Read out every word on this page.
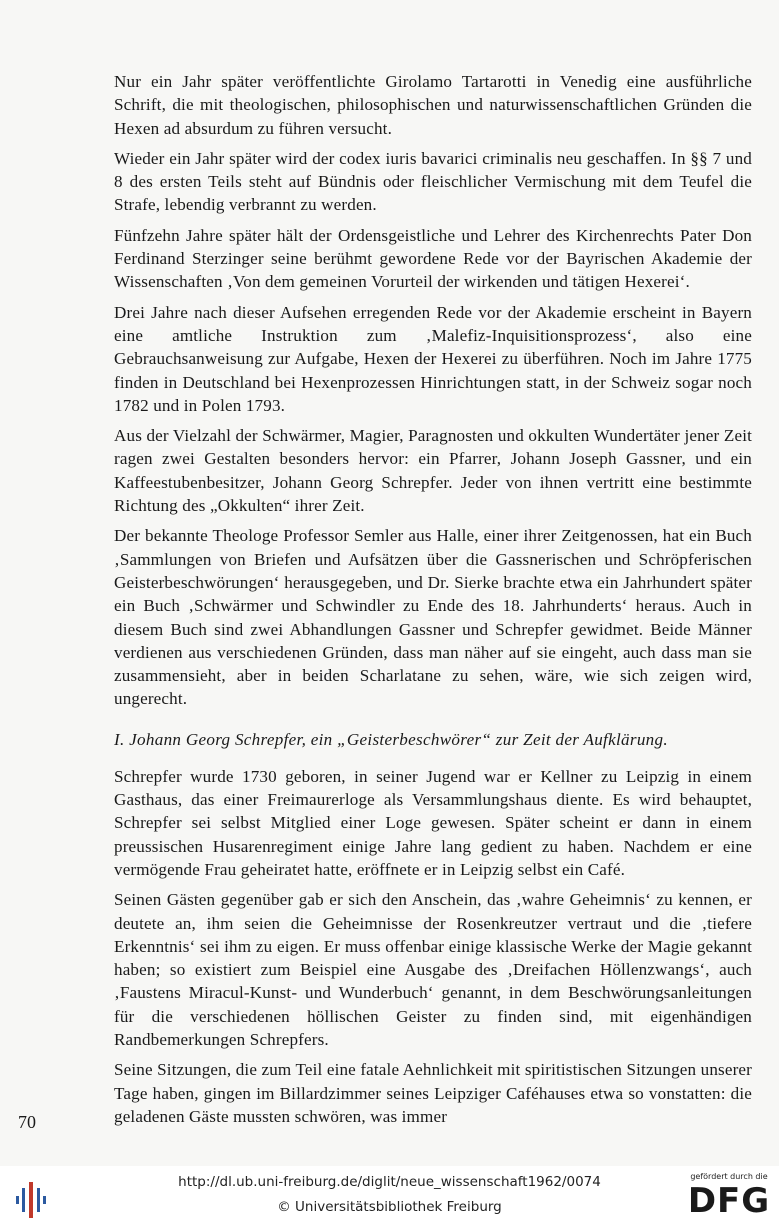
Nur ein Jahr später veröffentlichte Girolamo Tartarotti in Venedig eine ausführliche Schrift, die mit theologischen, philosophischen und naturwissenschaftlichen Gründen die Hexen ad absurdum zu führen versucht.

Wieder ein Jahr später wird der codex iuris bavarici criminalis neu geschaffen. In §§ 7 und 8 des ersten Teils steht auf Bündnis oder fleischlicher Vermischung mit dem Teufel die Strafe, lebendig verbrannt zu werden.

Fünfzehn Jahre später hält der Ordensgeistliche und Lehrer des Kirchenrechts Pater Don Ferdinand Sterzinger seine berühmt gewordene Rede vor der Bayrischen Akademie der Wissenschaften ‚Von dem gemeinen Vorurteil der wirkenden und tätigen Hexerei‘.

Drei Jahre nach dieser Aufsehen erregenden Rede vor der Akademie erscheint in Bayern eine amtliche Instruktion zum ‚Malefiz-Inquisitionsprozess‘, also eine Gebrauchsanweisung zur Aufgabe, Hexen der Hexerei zu überführen. Noch im Jahre 1775 finden in Deutschland bei Hexenprozessen Hinrichtungen statt, in der Schweiz sogar noch 1782 und in Polen 1793.

Aus der Vielzahl der Schwärmer, Magier, Paragnosten und okkulten Wundertäter jener Zeit ragen zwei Gestalten besonders hervor: ein Pfarrer, Johann Joseph Gassner, und ein Kaffeestubenbesitzer, Johann Georg Schrepfer. Jeder von ihnen vertritt eine bestimmte Richtung des „Okkulten“ ihrer Zeit.

Der bekannte Theologe Professor Semler aus Halle, einer ihrer Zeitgenossen, hat ein Buch ‚Sammlungen von Briefen und Aufsätzen über die Gassnerischen und Schröpferischen Geisterbeschwörungen‘ herausgegeben, und Dr. Sierke brachte etwa ein Jahrhundert später ein Buch ‚Schwärmer und Schwindler zu Ende des 18. Jahrhunderts‘ heraus. Auch in diesem Buch sind zwei Abhandlungen Gassner und Schrepfer gewidmet. Beide Männer verdienen aus verschiedenen Gründen, dass man näher auf sie eingeht, auch dass man sie zusammensieht, aber in beiden Scharlatane zu sehen, wäre, wie sich zeigen wird, ungerecht.

I. Johann Georg Schrepfer, ein „Geisterbeschwörer“ zur Zeit der Aufklärung.

Schrepfer wurde 1730 geboren, in seiner Jugend war er Kellner zu Leipzig in einem Gasthaus, das einer Freimaurerloge als Versammlungshaus diente. Es wird behauptet, Schrepfer sei selbst Mitglied einer Loge gewesen. Später scheint er dann in einem preussischen Husarenregiment einige Jahre lang gedient zu haben. Nachdem er eine vermögende Frau geheiratet hatte, eröffnete er in Leipzig selbst ein Café.

Seinen Gästen gegenüber gab er sich den Anschein, das ‚wahre Geheimnis‘ zu kennen, er deutete an, ihm seien die Geheimnisse der Rosenkreutzer vertraut und die ‚tiefere Erkenntnis‘ sei ihm zu eigen. Er muss offenbar einige klassische Werke der Magie gekannt haben; so existiert zum Beispiel eine Ausgabe des ‚Dreifachen Höllenzwangs‘, auch ‚Faustens Miracul-Kunst- und Wunderbuch‘ genannt, in dem Beschwörungsanleitungen für die verschiedenen höllischen Geister zu finden sind, mit eigenhändigen Randbemerkungen Schrepfers.

Seine Sitzungen, die zum Teil eine fatale Aehnlichkeit mit spiritistischen Sitzungen unserer Tage haben, gingen im Billardzimmer seines Leipziger Caféhauses etwa so vonstatten: die geladenen Gäste mussten schwören, was immer

70
http://dl.ub.uni-freiburg.de/diglit/neue_wissenschaft1962/0074
© Universitätsbibliothek Freiburg
gefördert durch die
DFG
